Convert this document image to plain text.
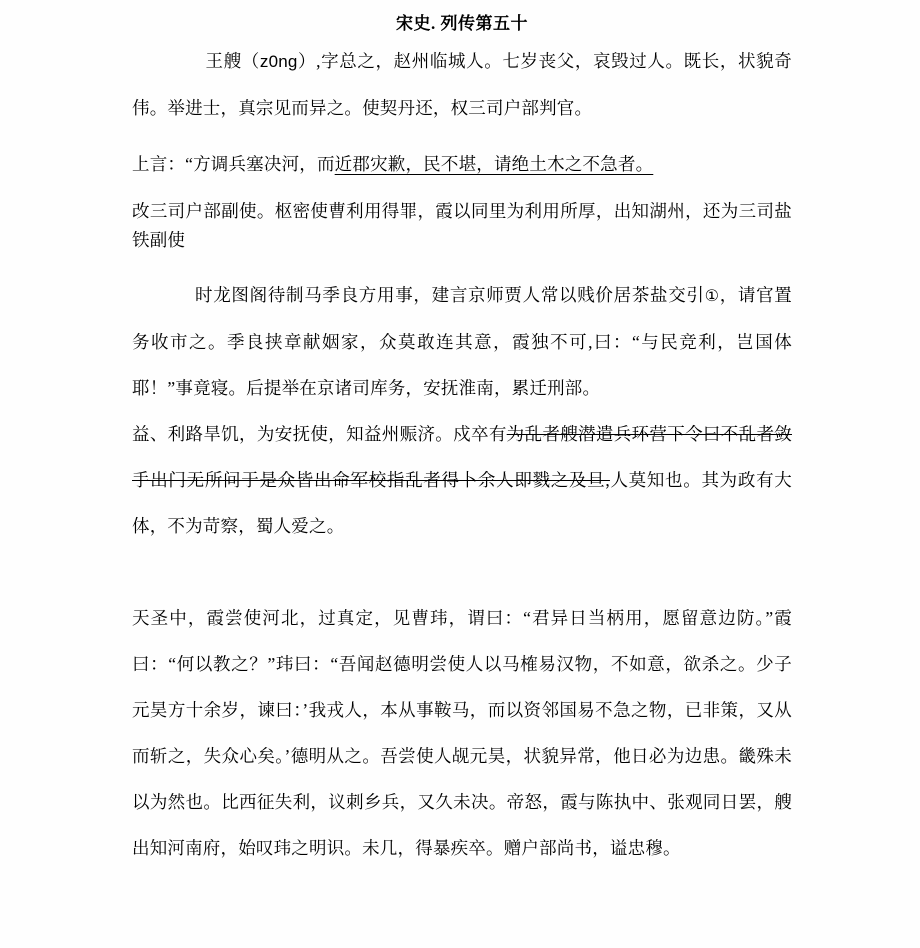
宋史. 列传第五十

王艘（z0ng）,字总之，赵州临城人。七岁丧父，哀毁过人。既长，状貌奇伟。举进士，真宗见而异之。使契丹还，权三司户部判官。

上言：“方调兵塞决河，而近郡灾歉，民不堪，请绝土木之不急者。

改三司户部副使。枢密使曹利用得罪，霞以同里为利用所厚，出知湖州，还为三司盐铁副使

时龙图阁待制马季良方用事，建言京师贾人常以贱价居茶盐交引①，请官置务收市之。季良挟章献姻家，众莫敢连其意，霞独不可,曰：“与民竞利，岂国体耶！”事竟寝。后提举在京诸司库务，安抚淮南，累迁刑部。

益、利路旱饥，为安抚使，知益州赈济。戍卒有为乱者艘潜遣兵环营下令曰不乱者敛手出门无所问于是众皆出命军校指乱者得卜余人即戮之及旦,人莫知也。其为政有大体，不为苛察，蜀人爱之。

天圣中，霞尝使河北，过真定，见曹玮，谓曰：“君异日当柄用，愿留意边防。”霞曰：“何以教之？”玮曰：“吾闻赵德明尝使人以马榷易汉物，不如意，欲杀之。少子元昊方十余岁，谏曰：’我戎人，本从事鞍马，而以资邻国易不急之物，已非策，又从而斩之，失众心矣。’德明从之。吾尝使人觇元昊，状貌异常，他日必为边患。畿殊未以为然也。比西征失利，议刺乡兵，又久未决。帝怒，霞与陈执中、张观同日罢，艘出知河南府，始叹玮之明识。未几，得暴疾卒。赠户部尚书，谥忠穆。
